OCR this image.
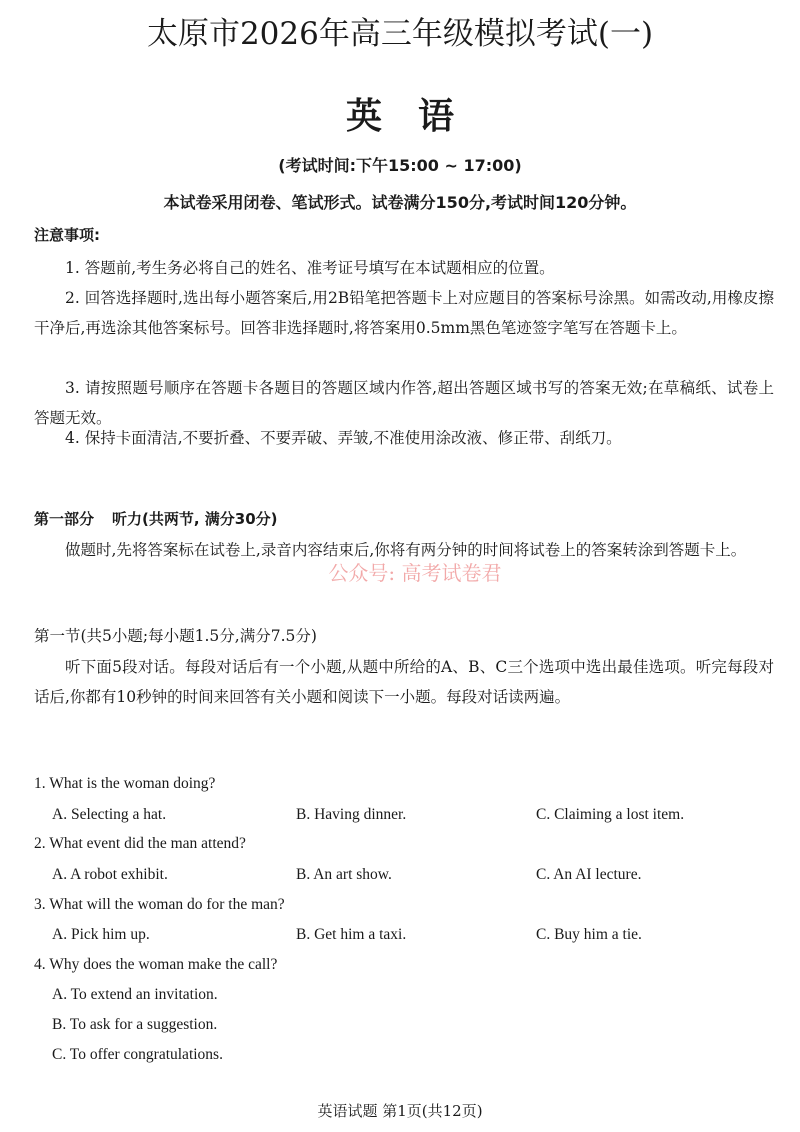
太原市2026年高三年级模拟考试(一)
英语
(考试时间:下午15:00 ~ 17:00)
本试卷采用闭卷、笔试形式。试卷满分150分,考试时间120分钟。
注意事项:
1. 答题前,考生务必将自己的姓名、准考证号填写在本试题相应的位置。
2. 回答选择题时,选出每小题答案后,用2B铅笔把答题卡上对应题目的答案标号涂黑。如需改动,用橡皮擦干净后,再选涂其他答案标号。回答非选择题时,将答案用0.5mm黑色笔迹签字笔写在答题卡上。
3. 请按照题号顺序在答题卡各题目的答题区域内作答,超出答题区域书写的答案无效;在草稿纸、试卷上答题无效。
4. 保持卡面清洁,不要折叠、不要弄破、弄皱,不准使用涂改液、修正带、刮纸刀。
第一部分 听力(共两节, 满分30分)
做题时,先将答案标在试卷上,录音内容结束后,你将有两分钟的时间将试卷上的答案转涂到答题卡上。
公众号: 高考试卷君
第一节(共5小题;每小题1.5分,满分7.5分)
听下面5段对话。每段对话后有一个小题,从题中所给的A、B、C三个选项中选出最佳选项。听完每段对话后,你都有10秒钟的时间来回答有关小题和阅读下一小题。每段对话读两遍。
1. What is the woman doing?
A. Selecting a hat.	B. Having dinner.	C. Claiming a lost item.
2. What event did the man attend?
A. A robot exhibit.	B. An art show.	C. An AI lecture.
3. What will the woman do for the man?
A. Pick him up.	B. Get him a taxi.	C. Buy him a tie.
4. Why does the woman make the call?
A. To extend an invitation.
B. To ask for a suggestion.
C. To offer congratulations.
英语试题 第1页(共12页)
